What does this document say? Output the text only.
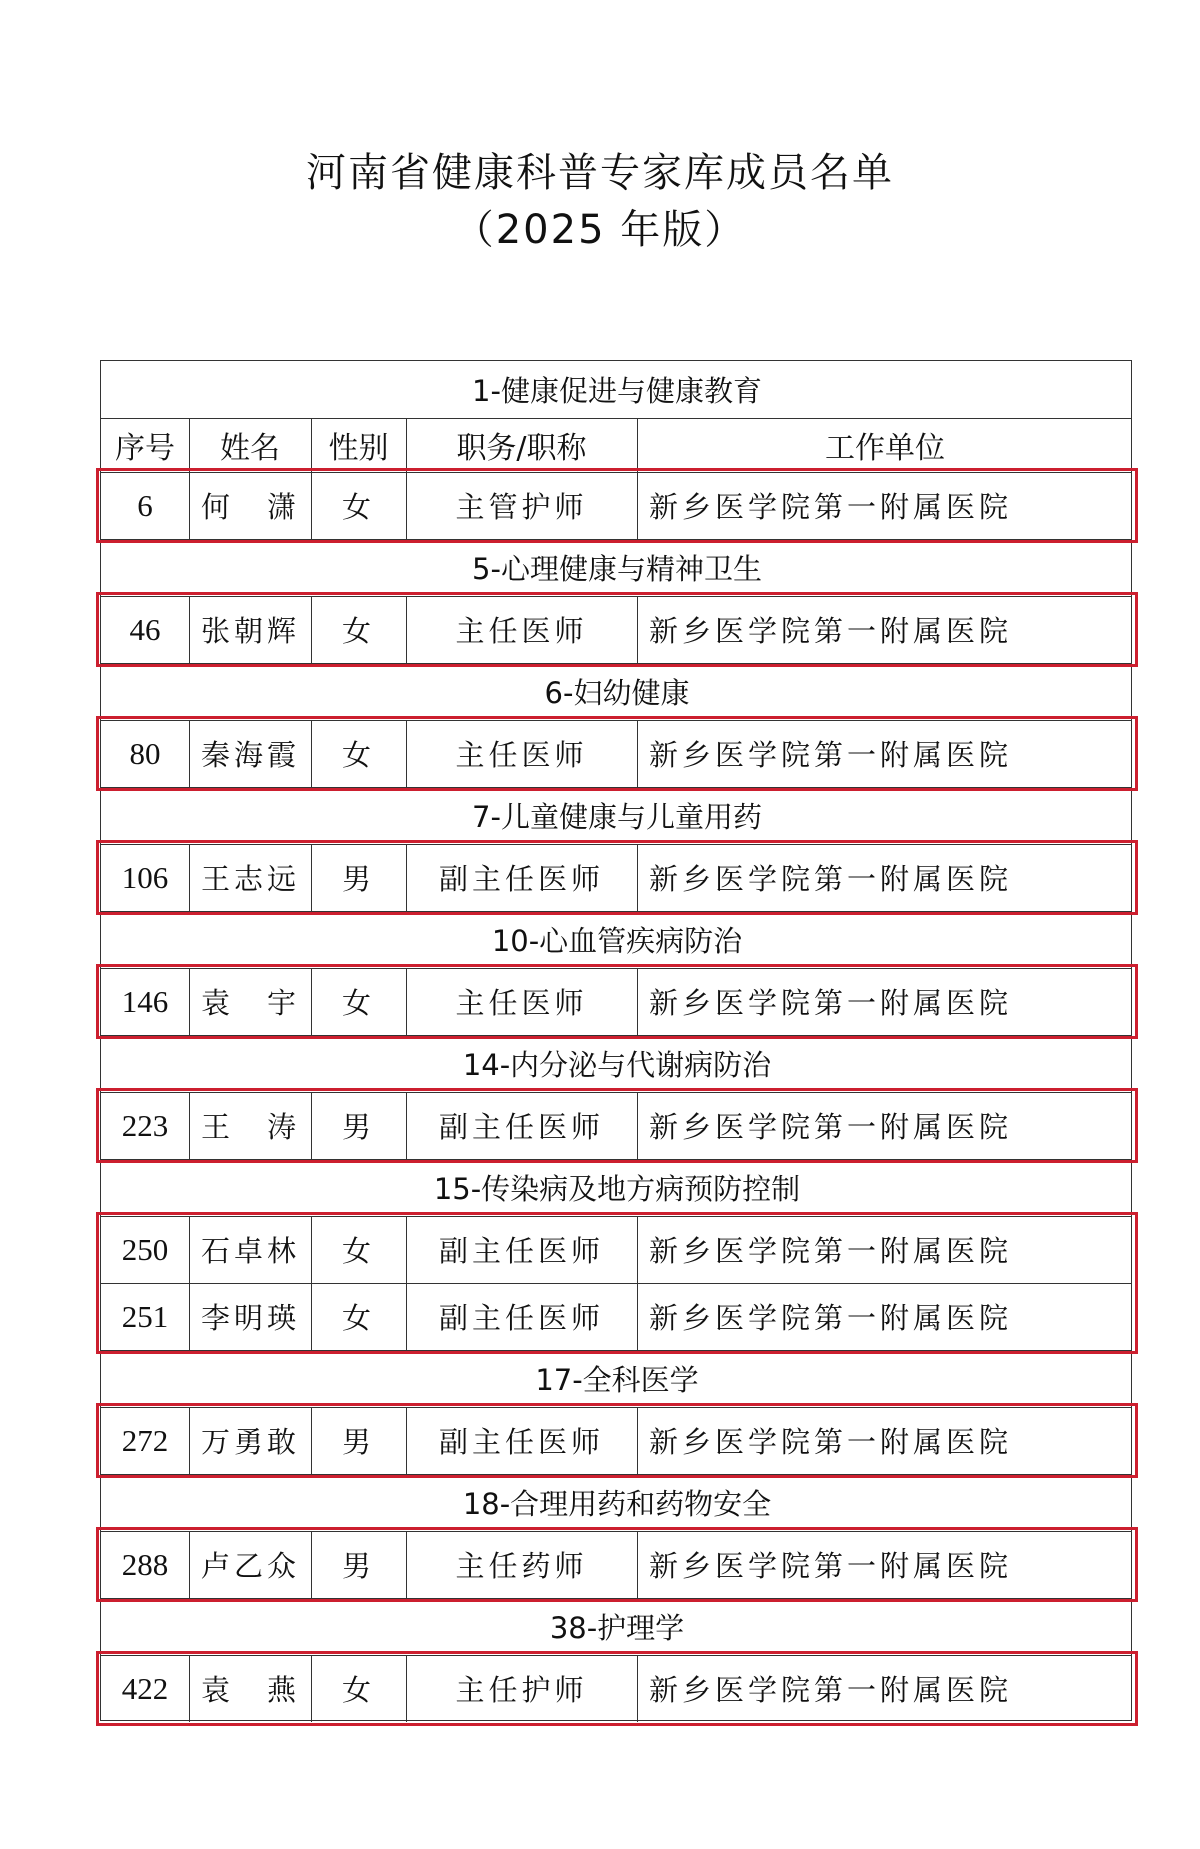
河南省健康科普专家库成员名单
（2025 年版）
1-健康促进与健康教育
序号	姓名	性别	职务/职称	工作单位
6	何　潇	女	主管护师	新乡医学院第一附属医院
5-心理健康与精神卫生
46	张朝辉	女	主任医师	新乡医学院第一附属医院
6-妇幼健康
80	秦海霞	女	主任医师	新乡医学院第一附属医院
7-儿童健康与儿童用药
106	王志远	男	副主任医师	新乡医学院第一附属医院
10-心血管疾病防治
146	袁　宇	女	主任医师	新乡医学院第一附属医院
14-内分泌与代谢病防治
223	王　涛	男	副主任医师	新乡医学院第一附属医院
15-传染病及地方病预防控制
250	石卓林	女	副主任医师	新乡医学院第一附属医院
251	李明瑛	女	副主任医师	新乡医学院第一附属医院
17-全科医学
272	万勇敢	男	副主任医师	新乡医学院第一附属医院
18-合理用药和药物安全
288	卢乙众	男	主任药师	新乡医学院第一附属医院
38-护理学
422	袁　燕	女	主任护师	新乡医学院第一附属医院
